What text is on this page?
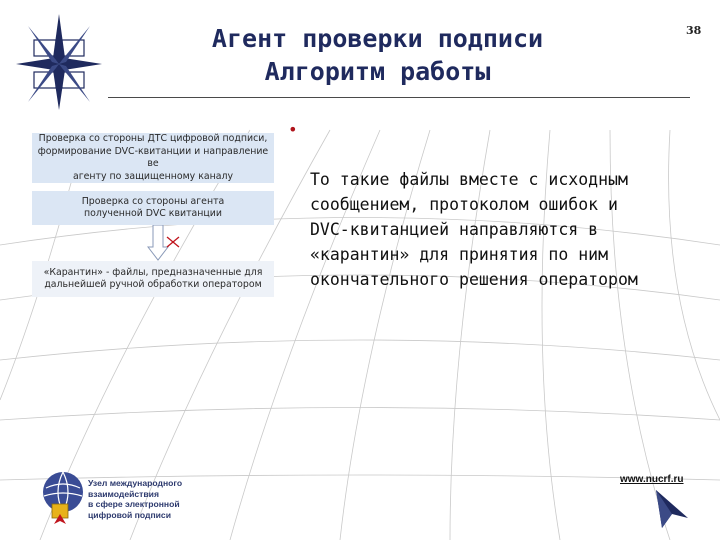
Агент проверки подписи
Алгоритм работы
38
Проверка со стороны ДТС цифровой подписи,
формирование DVC-квитанции и направление ве
агенту по защищенному каналу
Проверка со стороны агента
полученной DVC квитанции
«Карантин» - файлы, предназначенные для
дальнейшей ручной обработки оператором

•

То такие файлы вместе с исходным
сообщением, протоколом ошибок и
DVC-квитанцией направляются в
«карантин» для принятия по ним
окончательного решения оператором

Узел международного
взаимодействия
в сфере электронной
цифровой подписи
www.nucrf.ru
